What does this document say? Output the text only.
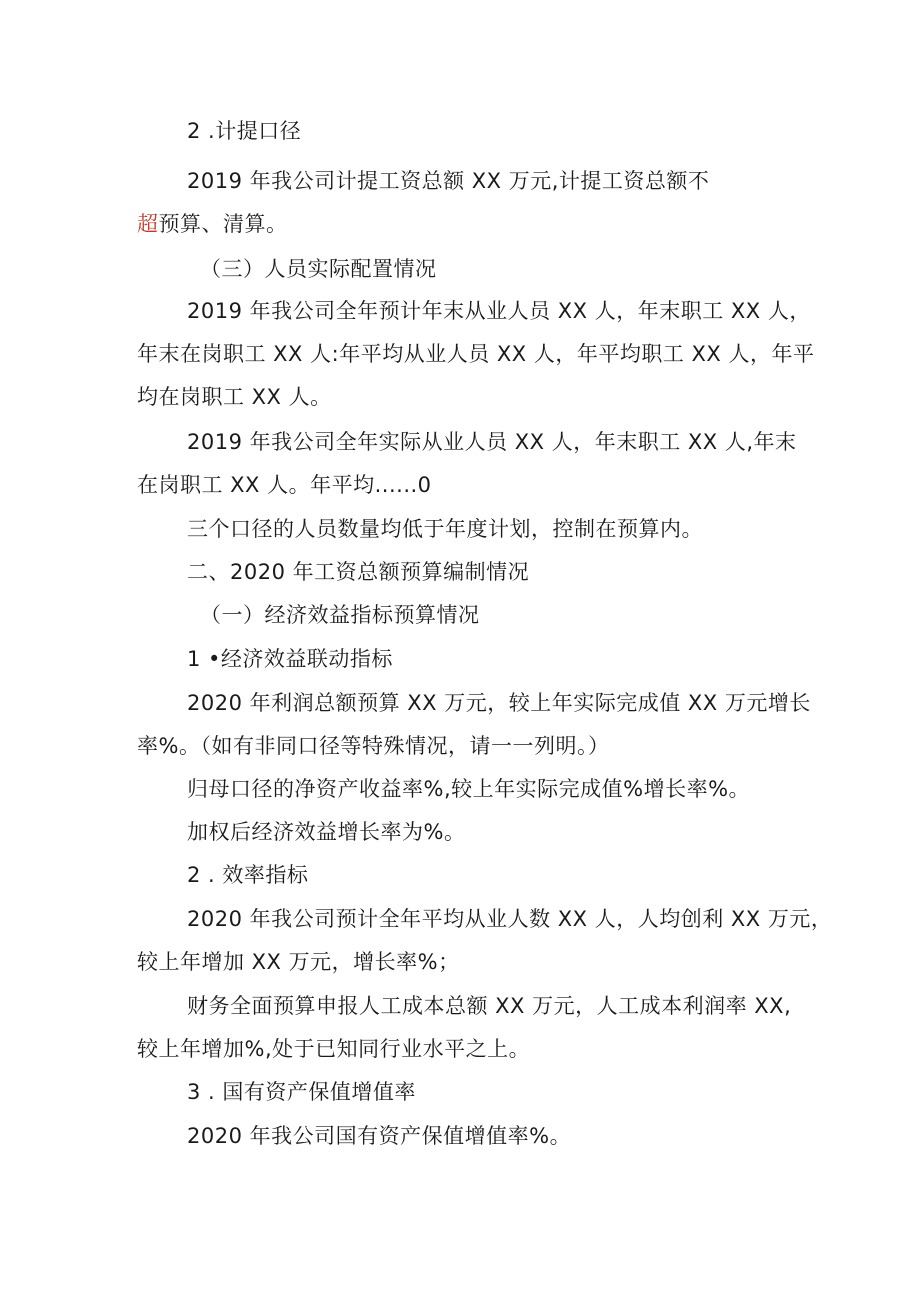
2 .计提口径
2019 年我公司计提工资总额 XX 万元,计提工资总额不
超预算、清算。
（三）人员实际配置情况
2019 年我公司全年预计年末从业人员 XX 人，年末职工 XX 人，
年末在岗职工 XX 人:年平均从业人员 XX 人，年平均职工 XX 人，年平
均在岗职工 XX 人。
2019 年我公司全年实际从业人员 XX 人，年末职工 XX 人,年末
在岗职工 XX 人。年平均......0
三个口径的人员数量均低于年度计划，控制在预算内。
二、2020 年工资总额预算编制情况
（一）经济效益指标预算情况
1 •经济效益联动指标
2020 年利润总额预算 XX 万元，较上年实际完成值 XX 万元增长
率%。（如有非同口径等特殊情况，请一一列明。）
归母口径的净资产收益率%,较上年实际完成值%增长率%。
加权后经济效益增长率为%。
2 . 效率指标
2020 年我公司预计全年平均从业人数 XX 人，人均创利 XX 万元，
较上年增加 XX 万元，增长率%；
财务全面预算申报人工成本总额 XX 万元，人工成本利润率 XX,
较上年增加%,处于已知同行业水平之上。
3 . 国有资产保值增值率
2020 年我公司国有资产保值增值率%。
